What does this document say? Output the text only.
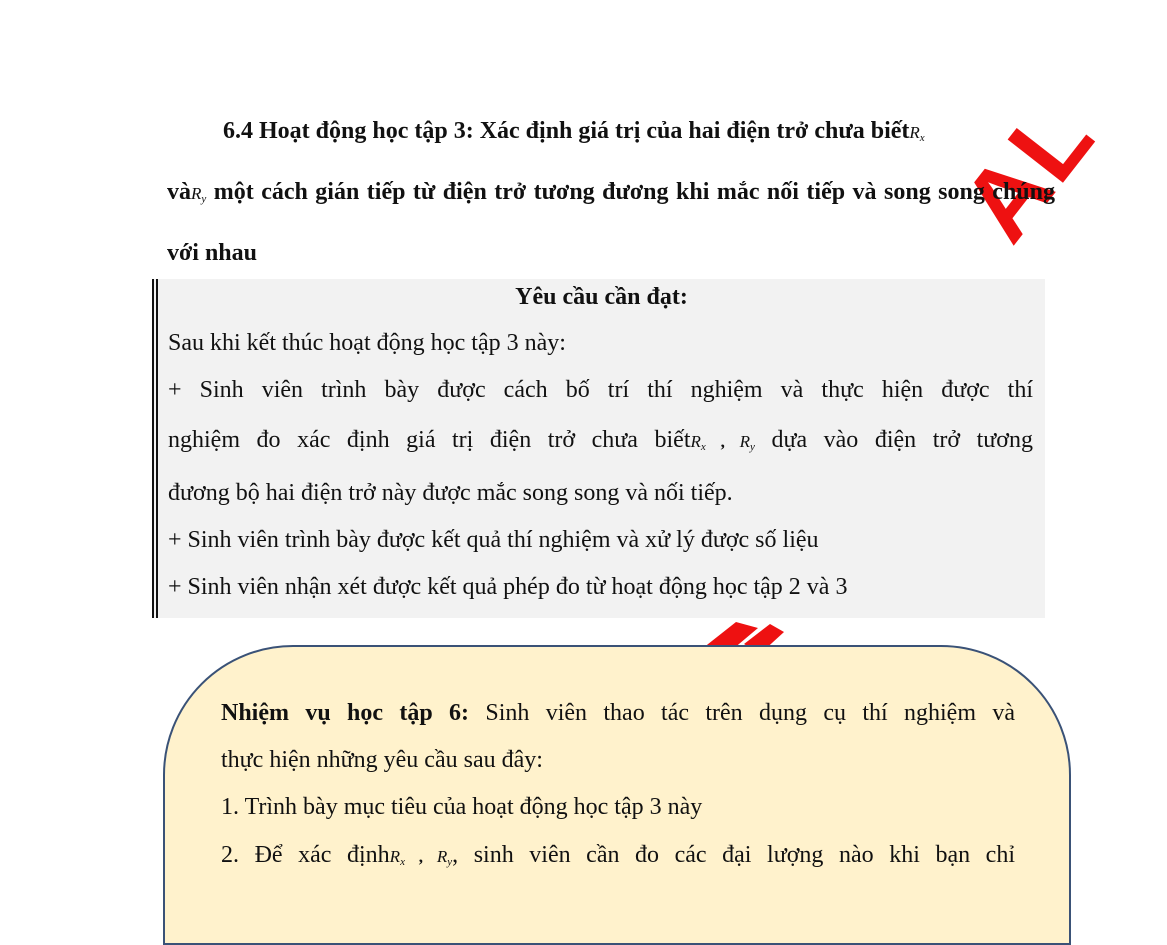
AL
6.4 Hoạt động học tập 3: Xác định giá trị của hai điện trở chưa biếtR$_x$
vàR$_y$ một cách gián tiếp từ điện trở tương đương khi mắc nối tiếp và song song chúng với nhau
Yêu cầu cần đạt:
Sau khi kết thúc hoạt động học tập 3 này:
+ Sinh viên trình bày được cách bố trí thí nghiệm và thực hiện được thí
nghiệm đo xác định giá trị điện trở chưa biếtR$_x$ , $R_y$ dựa vào điện trở tương
đương bộ hai điện trở này được mắc song song và nối tiếp.
+ Sinh viên trình bày được kết quả thí nghiệm và xử lý được số liệu
+ Sinh viên nhận xét được kết quả phép đo từ hoạt động học tập 2 và 3
Nhiệm vụ học tập 6: Sinh viên thao tác trên dụng cụ thí nghiệm và
thực hiện những yêu cầu sau đây:
1. Trình bày mục tiêu của hoạt động học tập 3 này
2. Để xác địnhR$_x$ , $R_y$, sinh viên cần đo các đại lượng nào khi bạn chỉ
